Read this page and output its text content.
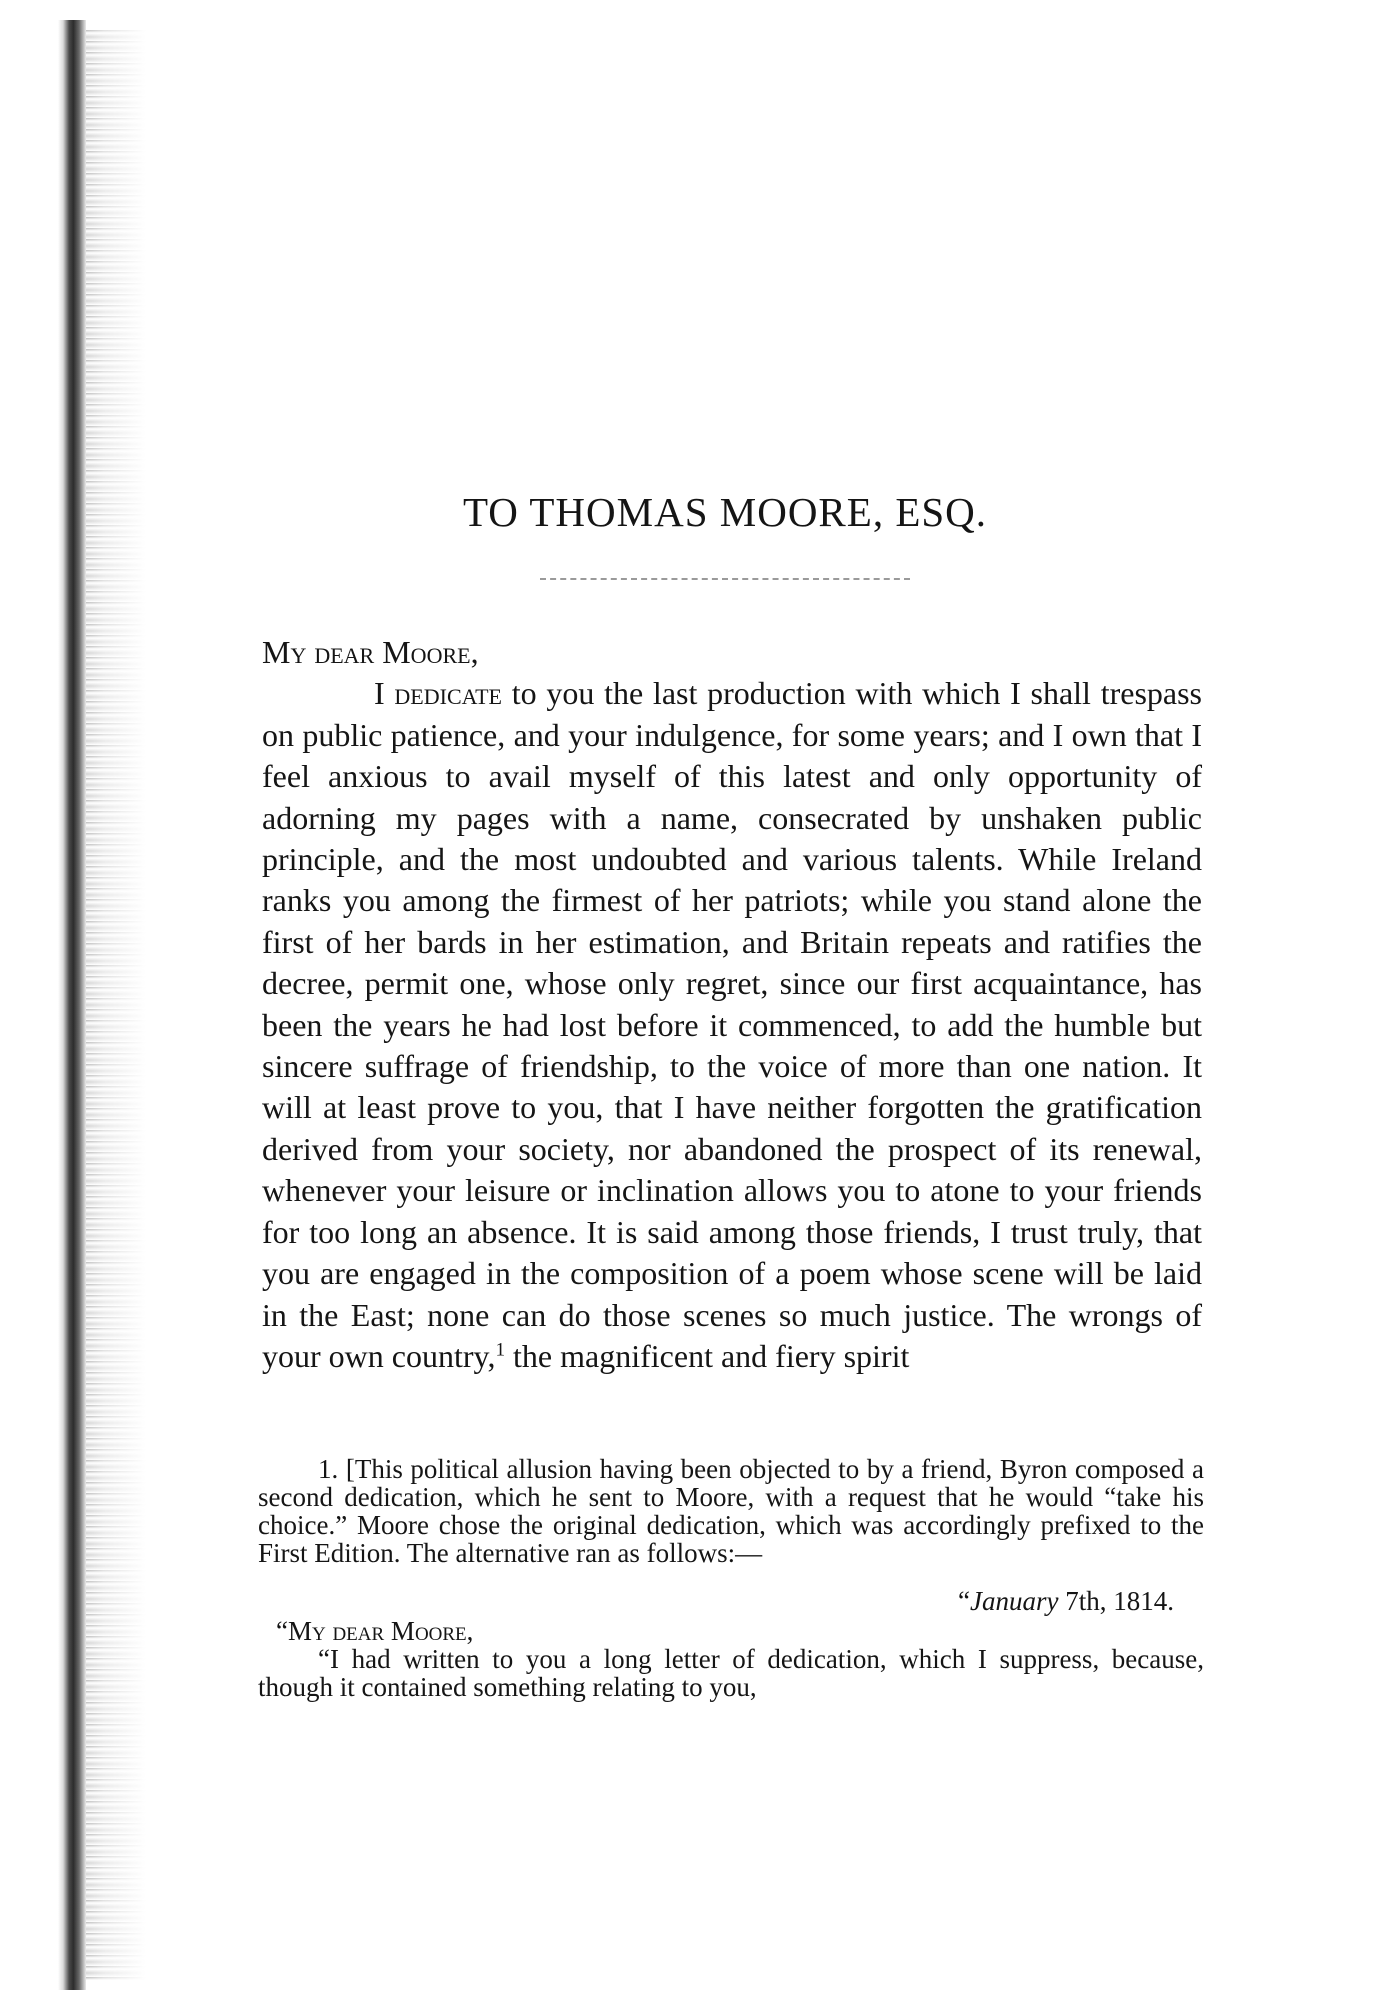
TO THOMAS MOORE, ESQ.

My dear Moore,

I dedicate to you the last production with which I shall trespass on public patience, and your indulgence, for some years; and I own that I feel anxious to avail myself of this latest and only opportunity of adorning my pages with a name, consecrated by unshaken public principle, and the most undoubted and various talents. While Ireland ranks you among the firmest of her patriots; while you stand alone the first of her bards in her estimation, and Britain repeats and ratifies the decree, permit one, whose only regret, since our first acquaintance, has been the years he had lost before it commenced, to add the humble but sincere suffrage of friendship, to the voice of more than one nation. It will at least prove to you, that I have neither forgotten the gratification derived from your society, nor abandoned the prospect of its renewal, whenever your leisure or inclination allows you to atone to your friends for too long an absence. It is said among those friends, I trust truly, that you are engaged in the composition of a poem whose scene will be laid in the East; none can do those scenes so much justice. The wrongs of your own country,$^1$ the magnificent and fiery spirit

1. [This political allusion having been objected to by a friend, Byron composed a second dedication, which he sent to Moore, with a request that he would “take his choice.” Moore chose the original dedication, which was accordingly prefixed to the First Edition. The alternative ran as follows:—

“January 7th, 1814.

“My dear Moore,

“I had written to you a long letter of dedication, which I suppress, because, though it contained something relating to you,
